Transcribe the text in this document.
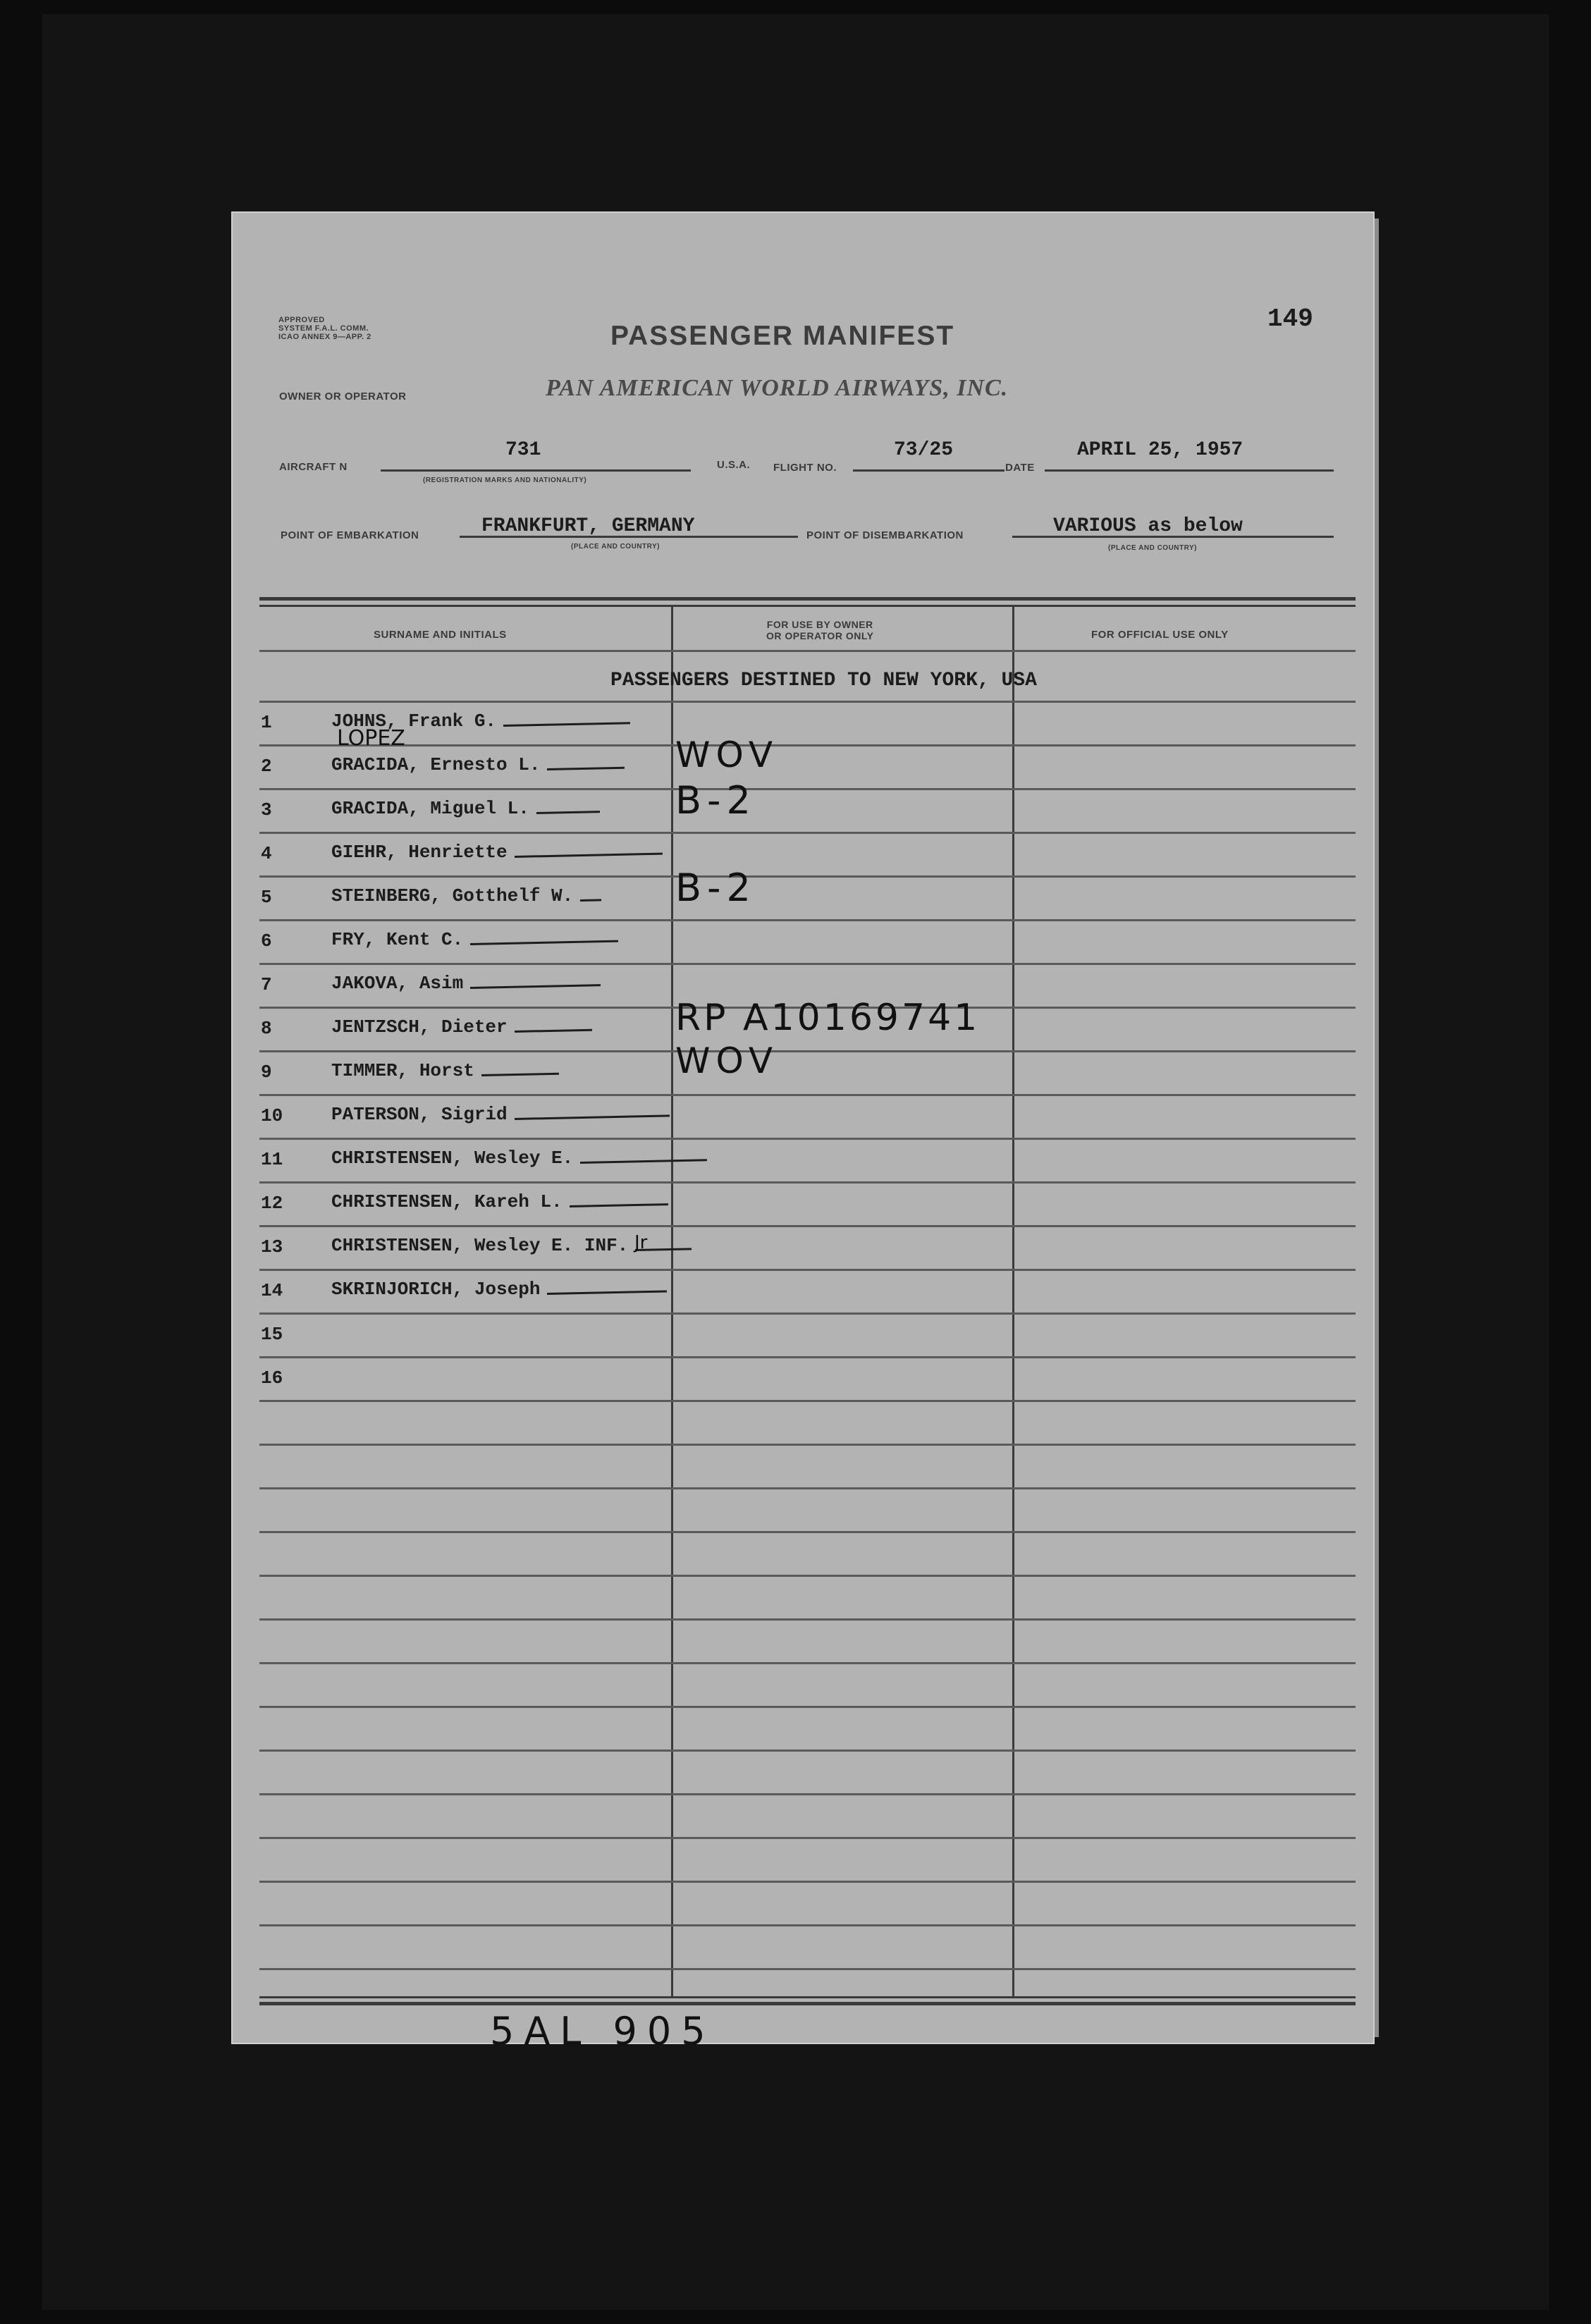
149
APPROVED
SYSTEM F.A.L. COMM.
ICAO ANNEX 9—APP. 2	PASSENGER MANIFEST
OWNER OR OPERATOR	PAN AMERICAN WORLD AIRWAYS, INC.
AIRCRAFT N
731
(REGISTRATION MARKS AND NATIONALITY)
U.S.A. FLIGHT NO.
73/25
DATE
APRIL 25, 1957
POINT OF EMBARKATION	FRANKFURT, GERMANY
(PLACE AND COUNTRY)
POINT OF DISEMBARKATION	VARIOUS as below
(PLACE AND COUNTRY)
SURNAME AND INITIALS
FOR USE BY OWNER
OR OPERATOR ONLY	FOR OFFICIAL USE ONLY
PASSENGERS DESTINED TO NEW YORK, USA
1	JOHNS, Frank G.
2	GRACIDA, Ernesto L.	WOV
3	GRACIDA, Miguel L.	B-2
4	GIEHR, Henriette
5	STEINBERG, Gotthelf W.	B-2
6	FRY, Kent C.
7	JAKOVA, Asim
8	JENTZSCH, Dieter	RP A10169741
9	TIMMER, Horst	WOV
10	PATERSON, Sigrid
11	CHRISTENSEN, Wesley E.
12	CHRISTENSEN, Kareh L.
13	CHRISTENSEN, Wesley E. INF.
14	SKRINJORICH, Joseph
15
16
LOPEZ
Jr
5AL 905
